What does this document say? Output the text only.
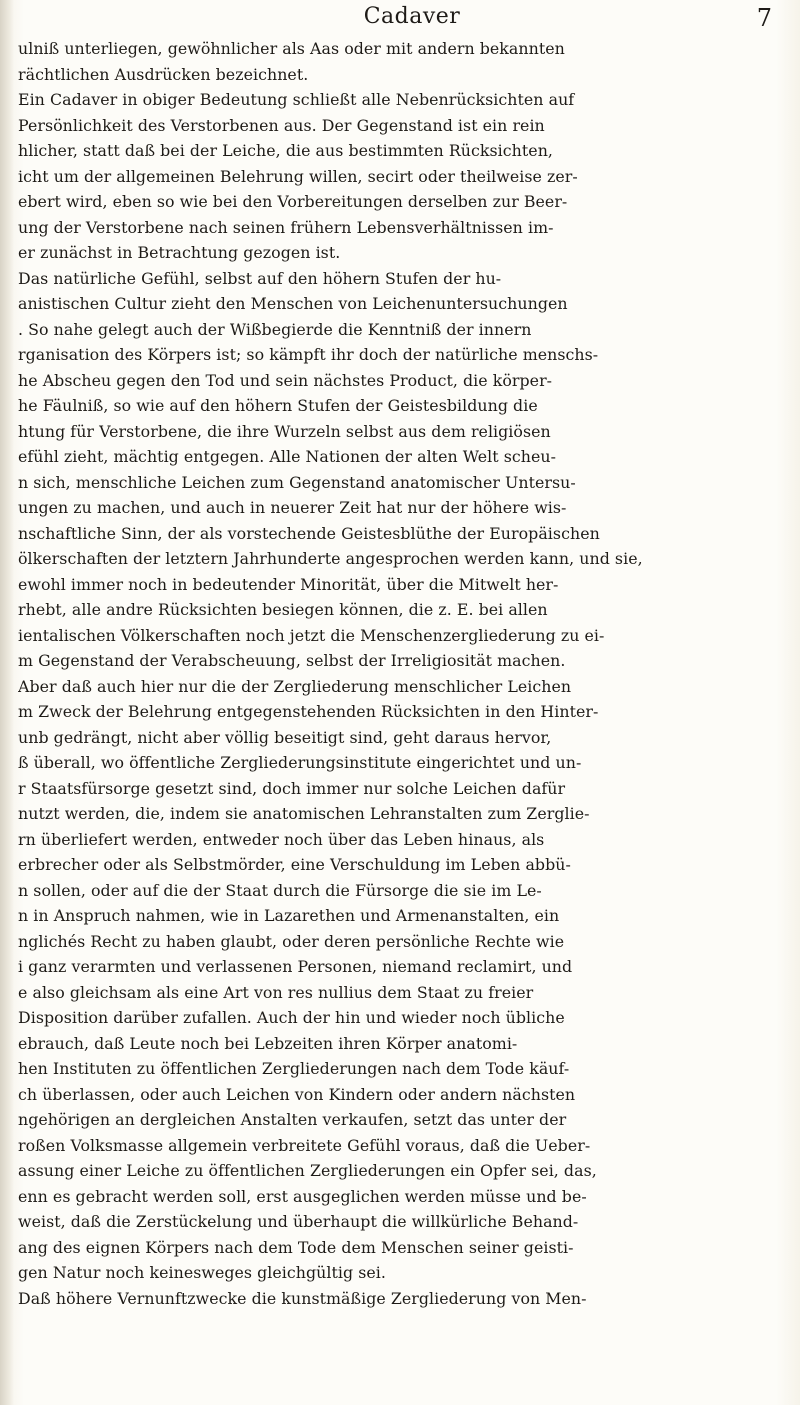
Cadaver	7
ulniß unterliegen, gewöhnlicher als Aas oder mit andern bekannten
rächtlichen Ausdrücken bezeichnet.
Ein Cadaver in obiger Bedeutung schließt alle Nebenrücksichten auf
Persönlichkeit des Verstorbenen aus. Der Gegenstand ist ein rein
hlicher, statt daß bei der Leiche, die aus bestimmten Rücksichten,
icht um der allgemeinen Belehrung willen, secirt oder theilweise zer-
ebert wird, eben so wie bei den Vorbereitungen derselben zur Beer-
ung der Verstorbene nach seinen frühern Lebensverhältnissen im-
er zunächst in Betrachtung gezogen ist.
Das natürliche Gefühl, selbst auf den höhern Stufen der hu-
anistischen Cultur zieht den Menschen von Leichenuntersuchungen
. So nahe gelegt auch der Wißbegierde die Kenntniß der innern
rganisation des Körpers ist; so kämpft ihr doch der natürliche menschs-
he Abscheu gegen den Tod und sein nächstes Product, die körper-
he Fäulniß, so wie auf den höhern Stufen der Geistesbildung die
htung für Verstorbene, die ihre Wurzeln selbst aus dem religiösen
efühl zieht, mächtig entgegen. Alle Nationen der alten Welt scheu-
n sich, menschliche Leichen zum Gegenstand anatomischer Untersu-
ungen zu machen, und auch in neuerer Zeit hat nur der höhere wis-
nschaftliche Sinn, der als vorstechende Geistesblüthe der Europäischen
ölkerschaften der letztern Jahrhunderte angesprochen werden kann, und sie,
ewohl immer noch in bedeutender Minorität, über die Mitwelt her-
rhebt, alle andre Rücksichten besiegen können, die z. E. bei allen
ientalischen Völkerschaften noch jetzt die Menschenzergliederung zu ei-
m Gegenstand der Verabscheuung, selbst der Irreligiosität machen.
Aber daß auch hier nur die der Zergliederung menschlicher Leichen
m Zweck der Belehrung entgegenstehenden Rücksichten in den Hinter-
unb gedrängt, nicht aber völlig beseitigt sind, geht daraus hervor,
ß überall, wo öffentliche Zergliederungsinstitute eingerichtet und un-
r Staatsfürsorge gesetzt sind, doch immer nur solche Leichen dafür
nutzt werden, die, indem sie anatomischen Lehranstalten zum Zerglie-
rn überliefert werden, entweder noch über das Leben hinaus, als
erbrecher oder als Selbstmörder, eine Verschuldung im Leben abbü-
n sollen, oder auf die der Staat durch die Fürsorge die sie im Le-
n in Anspruch nahmen, wie in Lazarethen und Armenanstalten, ein
nglichés Recht zu haben glaubt, oder deren persönliche Rechte wie
i ganz verarmten und verlassenen Personen, niemand reclamirt, und
e also gleichsam als eine Art von res nullius dem Staat zu freier
Disposition darüber zufallen. Auch der hin und wieder noch übliche
ebrauch, daß Leute noch bei Lebzeiten ihren Körper anatomi-
hen Instituten zu öffentlichen Zergliederungen nach dem Tode käuf-
ch überlassen, oder auch Leichen von Kindern oder andern nächsten
ngehörigen an dergleichen Anstalten verkaufen, setzt das unter der
roßen Volksmasse allgemein verbreitete Gefühl voraus, daß die Ueber-
assung einer Leiche zu öffentlichen Zergliederungen ein Opfer sei, das,
enn es gebracht werden soll, erst ausgeglichen werden müsse und be-
weist, daß die Zerstückelung und überhaupt die willkürliche Behand-
ang des eignen Körpers nach dem Tode dem Menschen seiner geisti-
gen Natur noch keinesweges gleichgültig sei.
Daß höhere Vernunftzwecke die kunstmäßige Zergliederung von Men-
